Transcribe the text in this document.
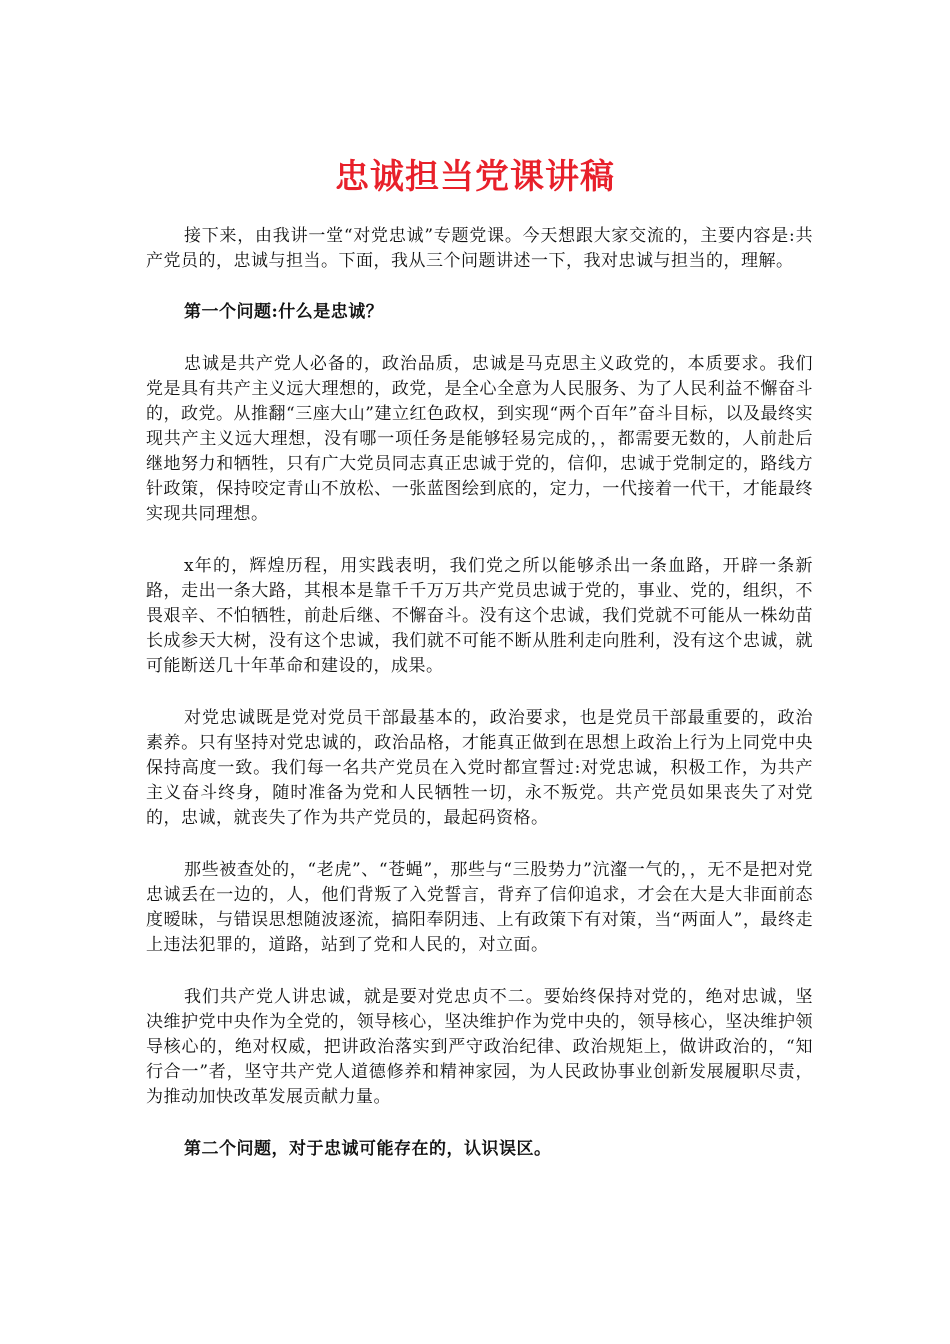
忠诚担当党课讲稿

接下来，由我讲一堂“对党忠诚”专题党课。今天想跟大家交流的，主要内容是:共产党员的，忠诚与担当。下面，我从三个问题讲述一下，我对忠诚与担当的，理解。

第一个问题:什么是忠诚？

忠诚是共产党人必备的，政治品质，忠诚是马克思主义政党的，本质要求。我们党是具有共产主义远大理想的，政党，是全心全意为人民服务、为了人民利益不懈奋斗的，政党。从推翻“三座大山”建立红色政权，到实现“两个百年”奋斗目标，以及最终实现共产主义远大理想，没有哪一项任务是能够轻易完成的，，都需要无数的，人前赴后继地努力和牺牲，只有广大党员同志真正忠诚于党的，信仰，忠诚于党制定的，路线方针政策，保持咬定青山不放松、一张蓝图绘到底的，定力，一代接着一代干，才能最终实现共同理想。

x年的，辉煌历程，用实践表明，我们党之所以能够杀出一条血路，开辟一条新路，走出一条大路，其根本是靠千千万万共产党员忠诚于党的，事业、党的，组织，不畏艰辛、不怕牺牲，前赴后继、不懈奋斗。没有这个忠诚，我们党就不可能从一株幼苗长成参天大树，没有这个忠诚，我们就不可能不断从胜利走向胜利，没有这个忠诚，就可能断送几十年革命和建设的，成果。

对党忠诚既是党对党员干部最基本的，政治要求，也是党员干部最重要的，政治素养。只有坚持对党忠诚的，政治品格，才能真正做到在思想上政治上行为上同党中央保持高度一致。我们每一名共产党员在入党时都宣誓过:对党忠诚，积极工作，为共产主义奋斗终身，随时准备为党和人民牺牲一切，永不叛党。共产党员如果丧失了对党的，忠诚，就丧失了作为共产党员的，最起码资格。

那些被查处的，“老虎”、“苍蝇”，那些与“三股势力”沆瀣一气的，，无不是把对党忠诚丢在一边的，人，他们背叛了入党誓言，背弃了信仰追求，才会在大是大非面前态度暧昧，与错误思想随波逐流，搞阳奉阴违、上有政策下有对策，当“两面人”，最终走上违法犯罪的，道路，站到了党和人民的，对立面。

我们共产党人讲忠诚，就是要对党忠贞不二。要始终保持对党的，绝对忠诚，坚决维护党中央作为全党的，领导核心，坚决维护作为党中央的，领导核心，坚决维护领导核心的，绝对权威，把讲政治落实到严守政治纪律、政治规矩上，做讲政治的，“知行合一”者，坚守共产党人道德修养和精神家园，为人民政协事业创新发展履职尽责，为推动加快改革发展贡献力量。

第二个问题，对于忠诚可能存在的，认识误区。
